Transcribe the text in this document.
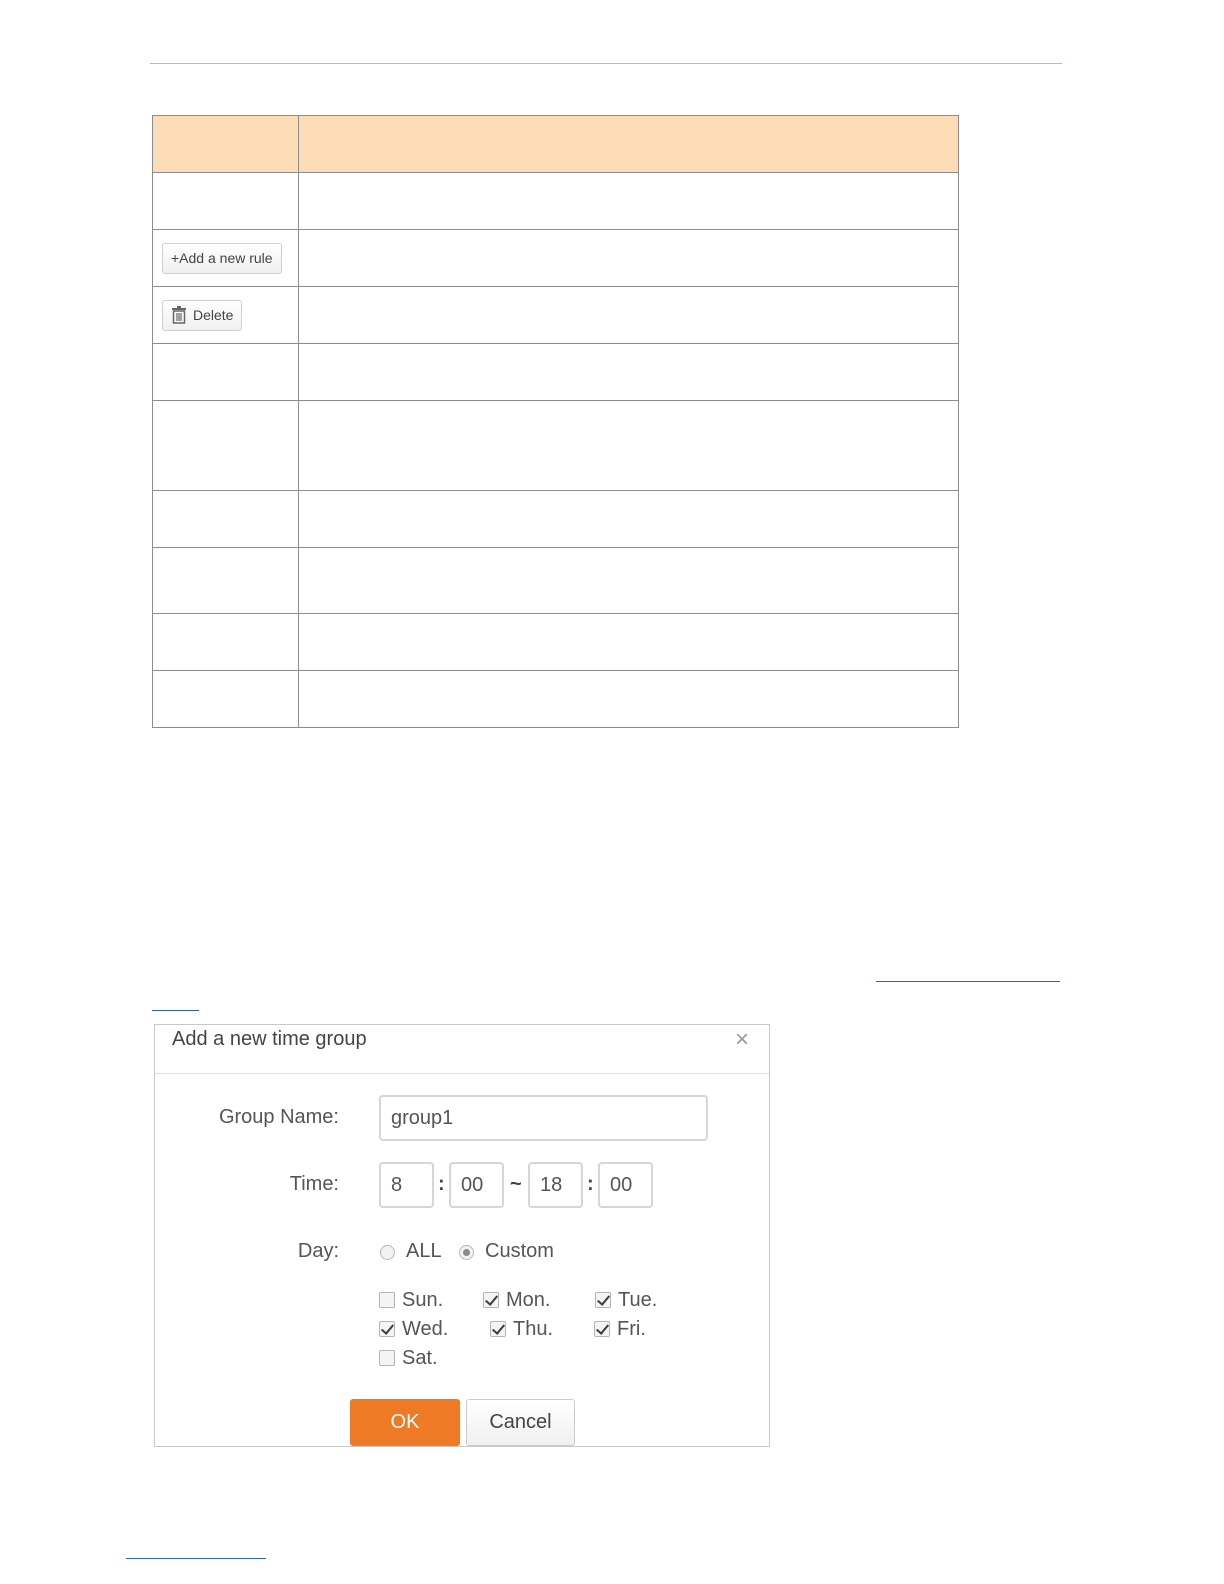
+Add a new rule	

Delete	

Add a new time group	×
Group Name:
group1
Time:
8	:
00	~
18	:
00
Day:	ALL Custom
Sun.	Mon.	Tue.
Wed.	Thu.	Fri.
Sat.
OK	Cancel
